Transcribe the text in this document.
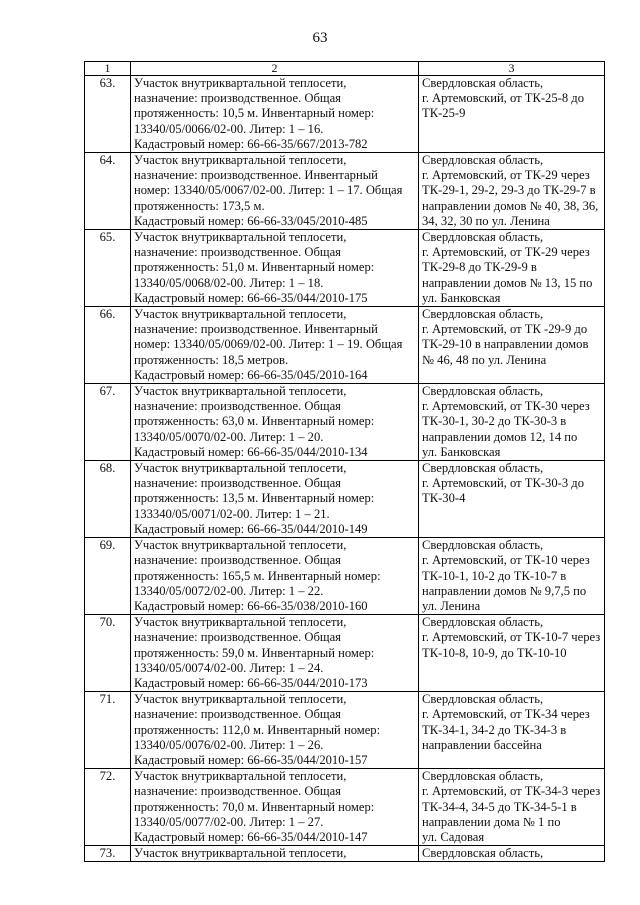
63
1	2	3
63.	Участок внутриквартальной теплосети,
назначение: производственное. Общая
протяженность: 10,5 м. Инвентарный номер:
13340/05/0066/02-00. Литер: 1 – 16.
Кадастровый номер: 66-66-35/667/2013-782	Свердловская область,
г. Артемовский, от ТК-25-8 до
ТК-25-9
64.	Участок внутриквартальной теплосети,
назначение: производственное. Инвентарный
номер: 13340/05/0067/02-00. Литер: 1 – 17. Общая
протяженность: 173,5 м.
Кадастровый номер: 66-66-33/045/2010-485	Свердловская область,
г. Артемовский, от ТК-29 через
ТК-29-1, 29-2, 29-3 до ТК-29-7 в
направлении домов № 40, 38, 36,
34, 32, 30 по ул. Ленина
65.	Участок внутриквартальной теплосети,
назначение: производственное. Общая
протяженность: 51,0 м. Инвентарный номер:
13340/05/0068/02-00. Литер: 1 – 18.
Кадастровый номер: 66-66-35/044/2010-175	Свердловская область,
г. Артемовский, от ТК-29 через
ТК-29-8 до ТК-29-9 в
направлении домов № 13, 15 по
ул. Банковская
66.	Участок внутриквартальной теплосети,
назначение: производственное. Инвентарный
номер: 13340/05/0069/02-00. Литер: 1 – 19. Общая
протяженность: 18,5 метров.
Кадастровый номер: 66-66-35/045/2010-164	Свердловская область,
г. Артемовский, от ТК -29-9 до
ТК-29-10 в направлении домов
№ 46, 48 по ул. Ленина
67.	Участок внутриквартальной теплосети,
назначение: производственное. Общая
протяженность: 63,0 м. Инвентарный номер:
13340/05/0070/02-00. Литер: 1 – 20.
Кадастровый номер: 66-66-35/044/2010-134	Свердловская область,
г. Артемовский, от ТК-30 через
ТК-30-1, 30-2 до ТК-30-3 в
направлении домов 12, 14 по
ул. Банковская
68.	Участок внутриквартальной теплосети,
назначение: производственное. Общая
протяженность: 13,5 м. Инвентарный номер:
133340/05/0071/02-00. Литер: 1 – 21.
Кадастровый номер: 66-66-35/044/2010-149	Свердловская область,
г. Артемовский, от ТК-30-3 до
ТК-30-4
69.	Участок внутриквартальной теплосети,
назначение: производственное. Общая
протяженность: 165,5 м. Инвентарный номер:
13340/05/0072/02-00. Литер: 1 – 22.
Кадастровый номер: 66-66-35/038/2010-160	Свердловская область,
г. Артемовский, от ТК-10 через
ТК-10-1, 10-2 до ТК-10-7 в
направлении домов № 9,7,5 по
ул. Ленина
70.	Участок внутриквартальной теплосети,
назначение: производственное. Общая
протяженность: 59,0 м. Инвентарный номер:
13340/05/0074/02-00. Литер: 1 – 24.
Кадастровый номер: 66-66-35/044/2010-173	Свердловская область,
г. Артемовский, от ТК-10-7 через
ТК-10-8, 10-9, до ТК-10-10
71.	Участок внутриквартальной теплосети,
назначение: производственное. Общая
протяженность: 112,0 м. Инвентарный номер:
13340/05/0076/02-00. Литер: 1 – 26.
Кадастровый номер: 66-66-35/044/2010-157	Свердловская область,
г. Артемовский, от ТК-34 через
ТК-34-1, 34-2 до ТК-34-3 в
направлении бассейна
72.	Участок внутриквартальной теплосети,
назначение: производственное. Общая
протяженность: 70,0 м. Инвентарный номер:
13340/05/0077/02-00. Литер: 1 – 27.
Кадастровый номер: 66-66-35/044/2010-147	Свердловская область,
г. Артемовский, от ТК-34-3 через
ТК-34-4, 34-5 до ТК-34-5-1 в
направлении дома № 1 по
ул. Садовая
73.	Участок внутриквартальной теплосети,	Свердловская область,
